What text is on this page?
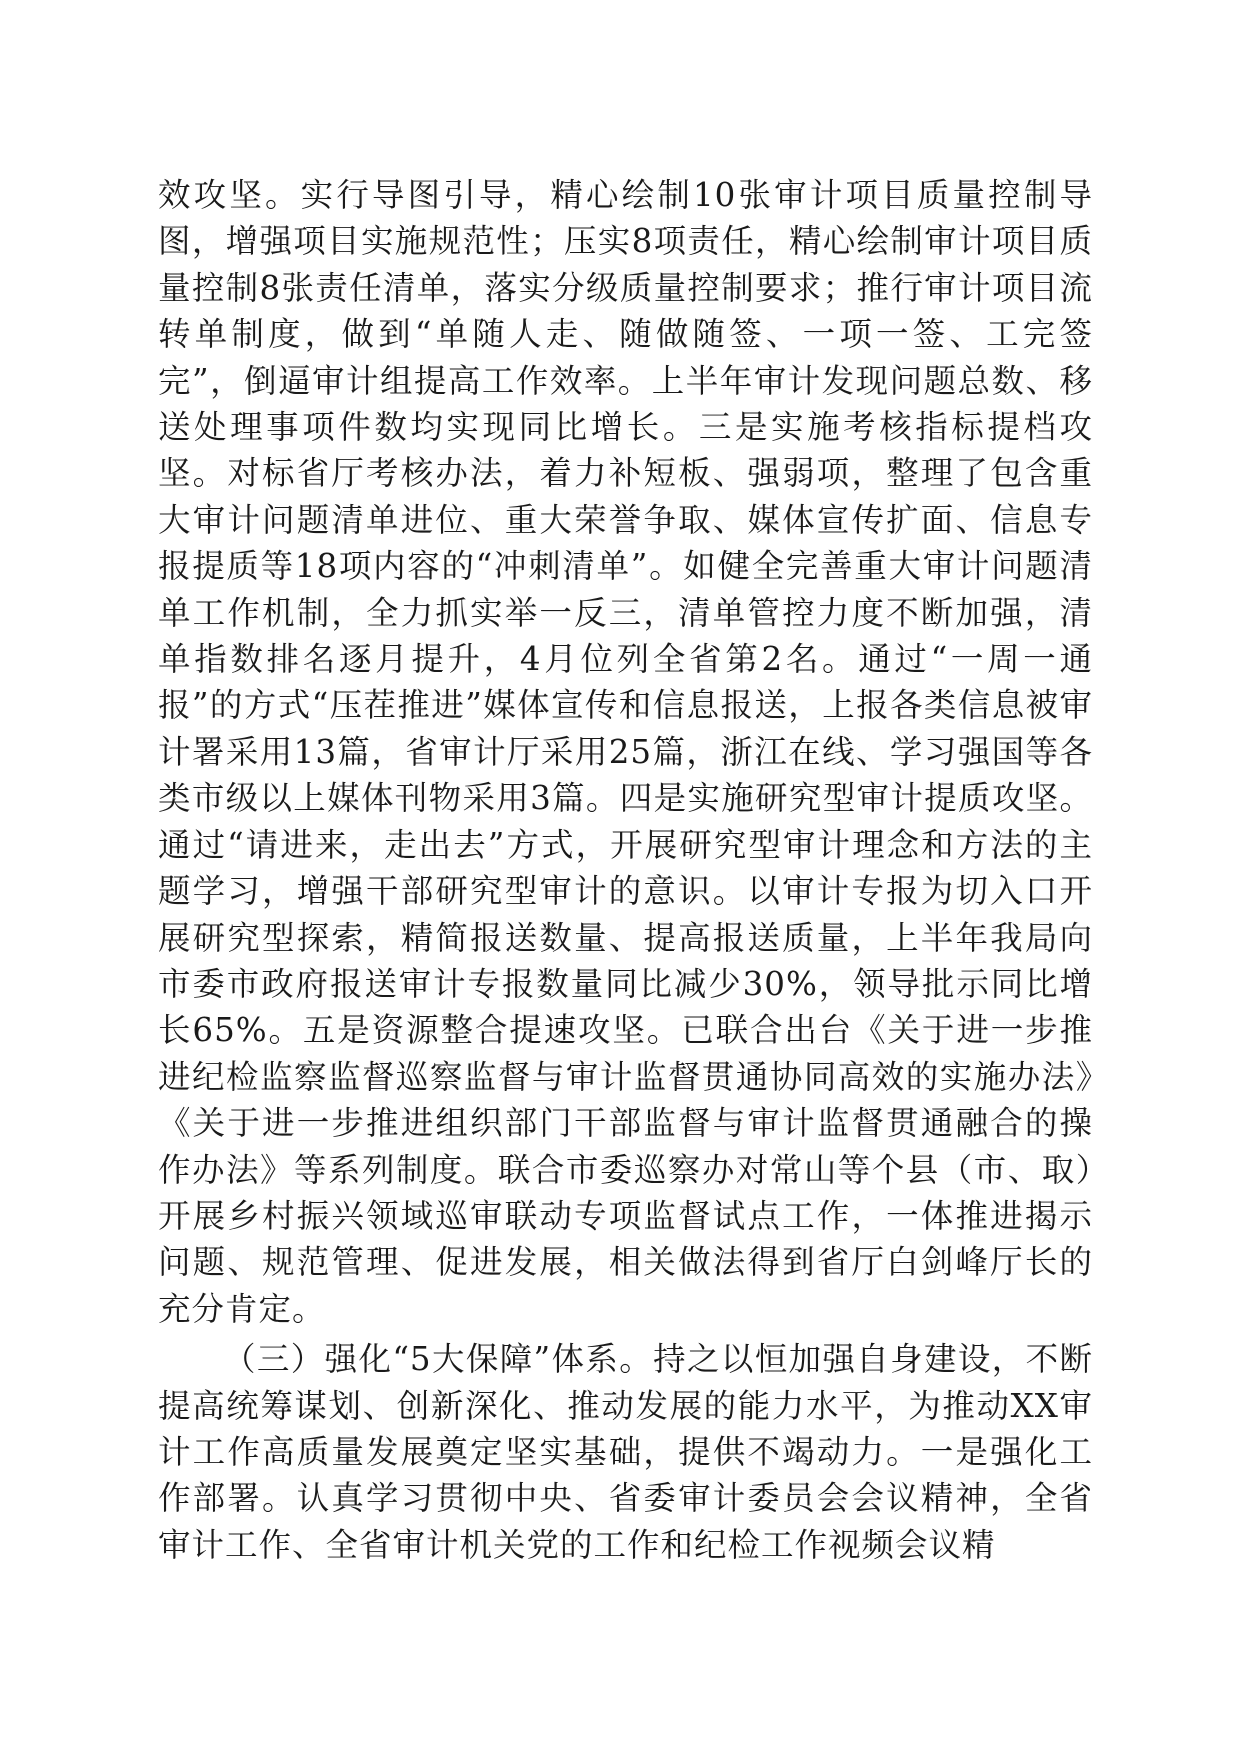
效攻坚。实行导图引导，精心绘制10张审计项目质量控制导图，增强项目实施规范性；压实8项责任，精心绘制审计项目质量控制8张责任清单，落实分级质量控制要求；推行审计项目流转单制度，做到“单随人走、随做随签、一项一签、工完签完”，倒逼审计组提高工作效率。上半年审计发现问题总数、移送处理事项件数均实现同比增长。三是实施考核指标提档攻坚。对标省厅考核办法，着力补短板、强弱项，整理了包含重大审计问题清单进位、重大荣誉争取、媒体宣传扩面、信息专报提质等18项内容的“冲刺清单”。如健全完善重大审计问题清单工作机制，全力抓实举一反三，清单管控力度不断加强，清单指数排名逐月提升，4月位列全省第2名。通过“一周一通报”的方式“压茬推进”媒体宣传和信息报送，上报各类信息被审计署采用13篇，省审计厅采用25篇，浙江在线、学习强国等各类市级以上媒体刊物采用3篇。四是实施研究型审计提质攻坚。通过“请进来，走出去”方式，开展研究型审计理念和方法的主题学习，增强干部研究型审计的意识。以审计专报为切入口开展研究型探索，精简报送数量、提高报送质量，上半年我局向市委市政府报送审计专报数量同比减少30%，领导批示同比增长65%。五是资源整合提速攻坚。已联合出台《关于进一步推进纪检监察监督巡察监督与审计监督贯通协同高效的实施办法》《关于进一步推进组织部门干部监督与审计监督贯通融合的操作办法》等系列制度。联合市委巡察办对常山等个县（市、取）开展乡村振兴领域巡审联动专项监督试点工作，一体推进揭示问题、规范管理、促进发展，相关做法得到省厅白剑峰厅长的充分肯定。

（三）强化“5大保障”体系。持之以恒加强自身建设，不断提高统筹谋划、创新深化、推动发展的能力水平，为推动XX审计工作高质量发展奠定坚实基础，提供不竭动力。一是强化工作部署。认真学习贯彻中央、省委审计委员会会议精神，全省审计工作、全省审计机关党的工作和纪检工作视频会议精
